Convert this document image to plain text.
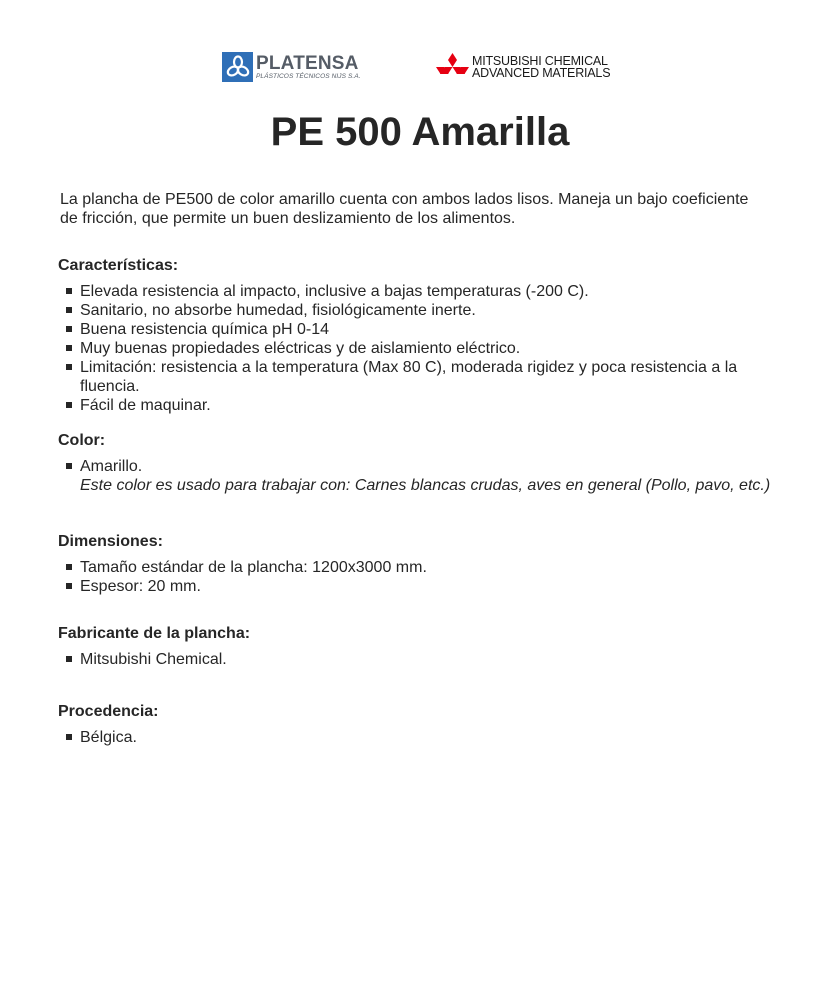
PLATENSA
PLÁSTICOS TÉCNICOS NIJS S.A.
MITSUBISHI CHEMICAL
ADVANCED MATERIALS
PE 500 Amarilla

La plancha de PE500 de color amarillo cuenta con ambos lados lisos. Maneja un bajo coeficiente de fricción, que permite un buen deslizamiento de los alimentos.

Características:
Elevada resistencia al impacto, inclusive a bajas temperaturas (-200 C).
Sanitario, no absorbe humedad, fisiológicamente inerte.
Buena resistencia química pH 0-14
Muy buenas propiedades eléctricas y de aislamiento eléctrico.
Limitación: resistencia a la temperatura (Max 80 C), moderada rigidez y poca resistencia a la fluencia.
Fácil de maquinar.
Color:
Amarillo.
Este color es usado para trabajar con: Carnes blancas crudas, aves en general (Pollo, pavo, etc.)
Dimensiones:
Tamaño estándar de la plancha: 1200x3000 mm.
Espesor: 20 mm.
Fabricante de la plancha:
Mitsubishi Chemical.
Procedencia:
Bélgica.
